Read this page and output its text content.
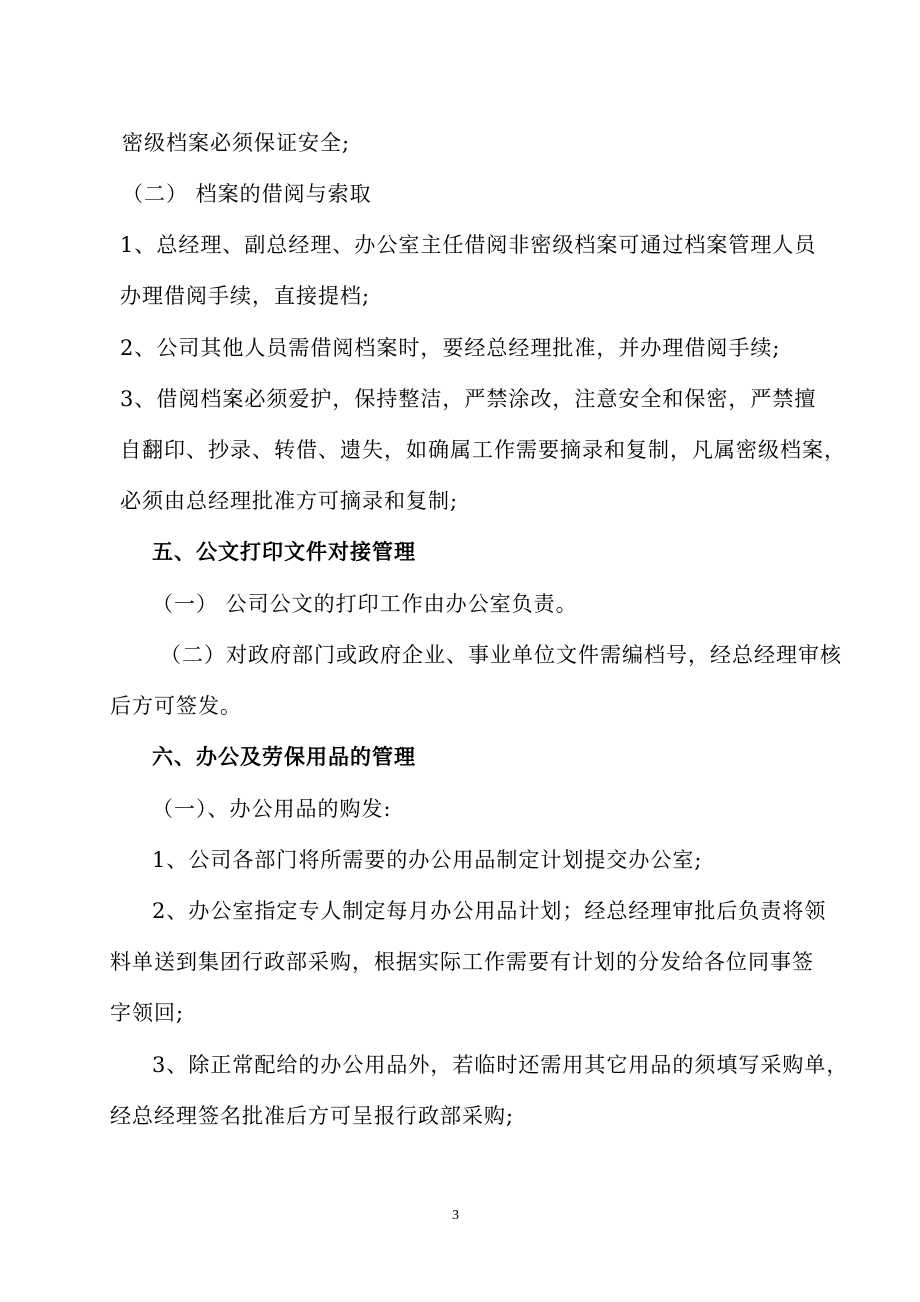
密级档案必须保证安全;
（二） 档案的借阅与索取
1、总经理、副总经理、办公室主任借阅非密级档案可通过档案管理人员
办理借阅手续，直接提档;
2、公司其他人员需借阅档案时，要经总经理批准，并办理借阅手续;
3、借阅档案必须爱护，保持整洁，严禁涂改，注意安全和保密，严禁擅
自翻印、抄录、转借、遗失，如确属工作需要摘录和复制，凡属密级档案，
必须由总经理批准方可摘录和复制;
五、公文打印文件对接管理
（一） 公司公文的打印工作由办公室负责。
（二）对政府部门或政府企业、事业单位文件需编档号，经总经理审核
后方可签发。
六、办公及劳保用品的管理
（一）、办公用品的购发:
1、公司各部门将所需要的办公用品制定计划提交办公室;
2、办公室指定专人制定每月办公用品计划；经总经理审批后负责将领
料单送到集团行政部采购，根据实际工作需要有计划的分发给各位同事签
字领回;
3、除正常配给的办公用品外，若临时还需用其它用品的须填写采购单，
经总经理签名批准后方可呈报行政部采购;
3
